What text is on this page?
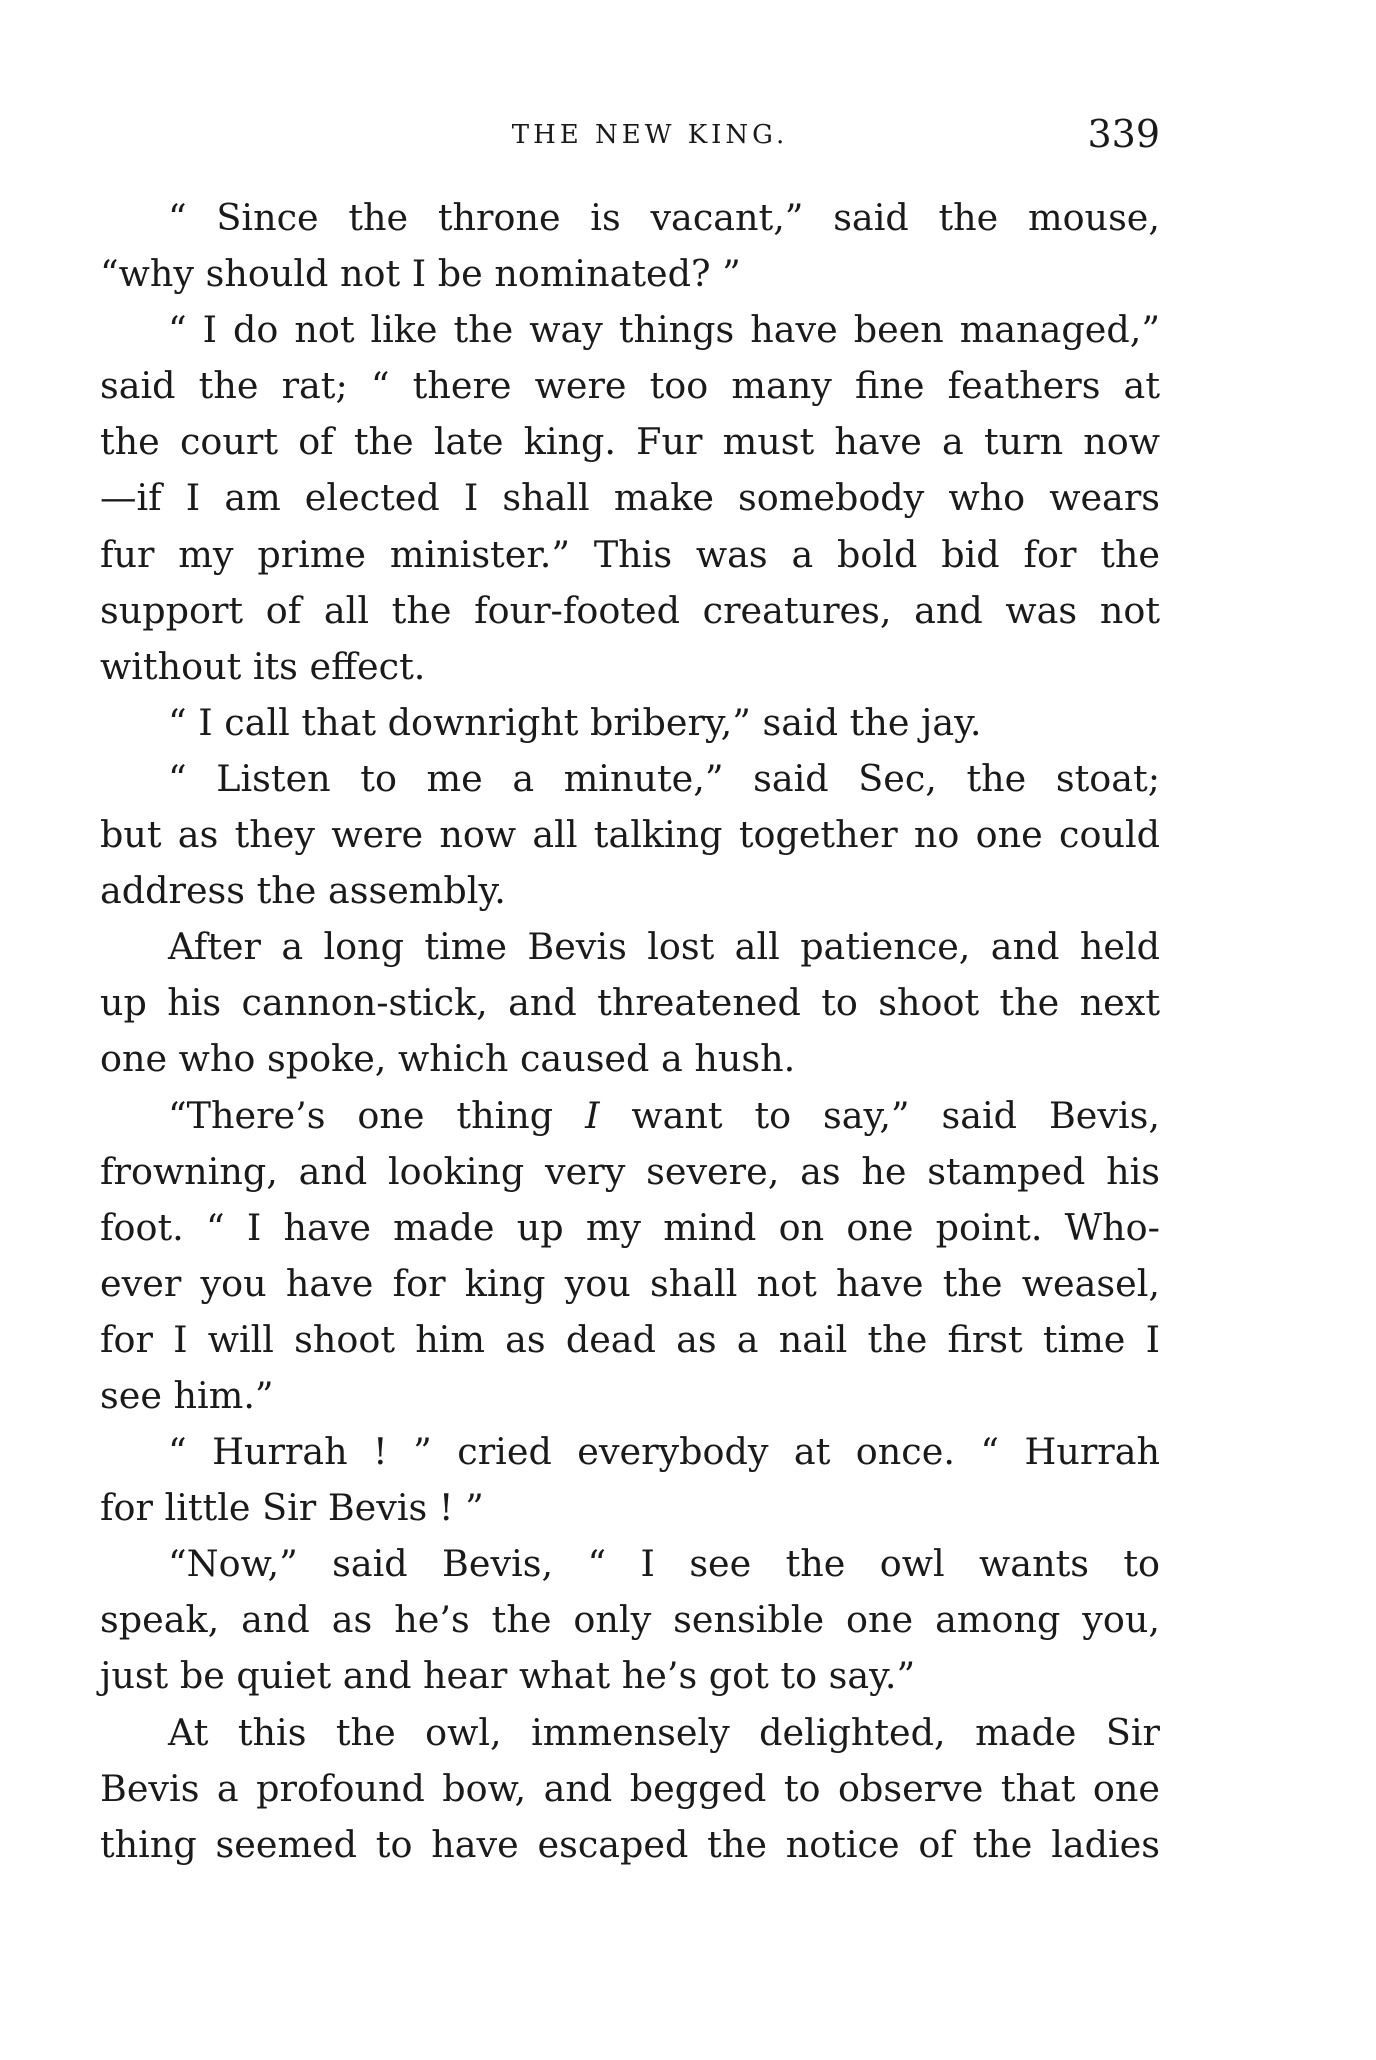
THE NEW KING.	339
“ Since the throne is vacant,” said the mouse,
“why should not I be nominated? ”
“ I do not like the way things have been managed,”
said the rat; “ there were too many fine feathers at
the court of the late king. Fur must have a turn now
—if I am elected I shall make somebody who wears
fur my prime minister.” This was a bold bid for the
support of all the four-footed creatures, and was not
without its effect.
“ I call that downright bribery,” said the jay.
“ Listen to me a minute,” said Sec, the stoat;
but as they were now all talking together no one could
address the assembly.
After a long time Bevis lost all patience, and held
up his cannon-stick, and threatened to shoot the next
one who spoke, which caused a hush.
“There’s one thing I want to say,” said Bevis,
frowning, and looking very severe, as he stamped his
foot. “ I have made up my mind on one point. Who-
ever you have for king you shall not have the weasel,
for I will shoot him as dead as a nail the first time I
see him.”
“ Hurrah ! ” cried everybody at once. “ Hurrah
for little Sir Bevis ! ”
“Now,” said Bevis, “ I see the owl wants to
speak, and as he’s the only sensible one among you,
just be quiet and hear what he’s got to say.”
At this the owl, immensely delighted, made Sir
Bevis a profound bow, and begged to observe that one
thing seemed to have escaped the notice of the ladies
